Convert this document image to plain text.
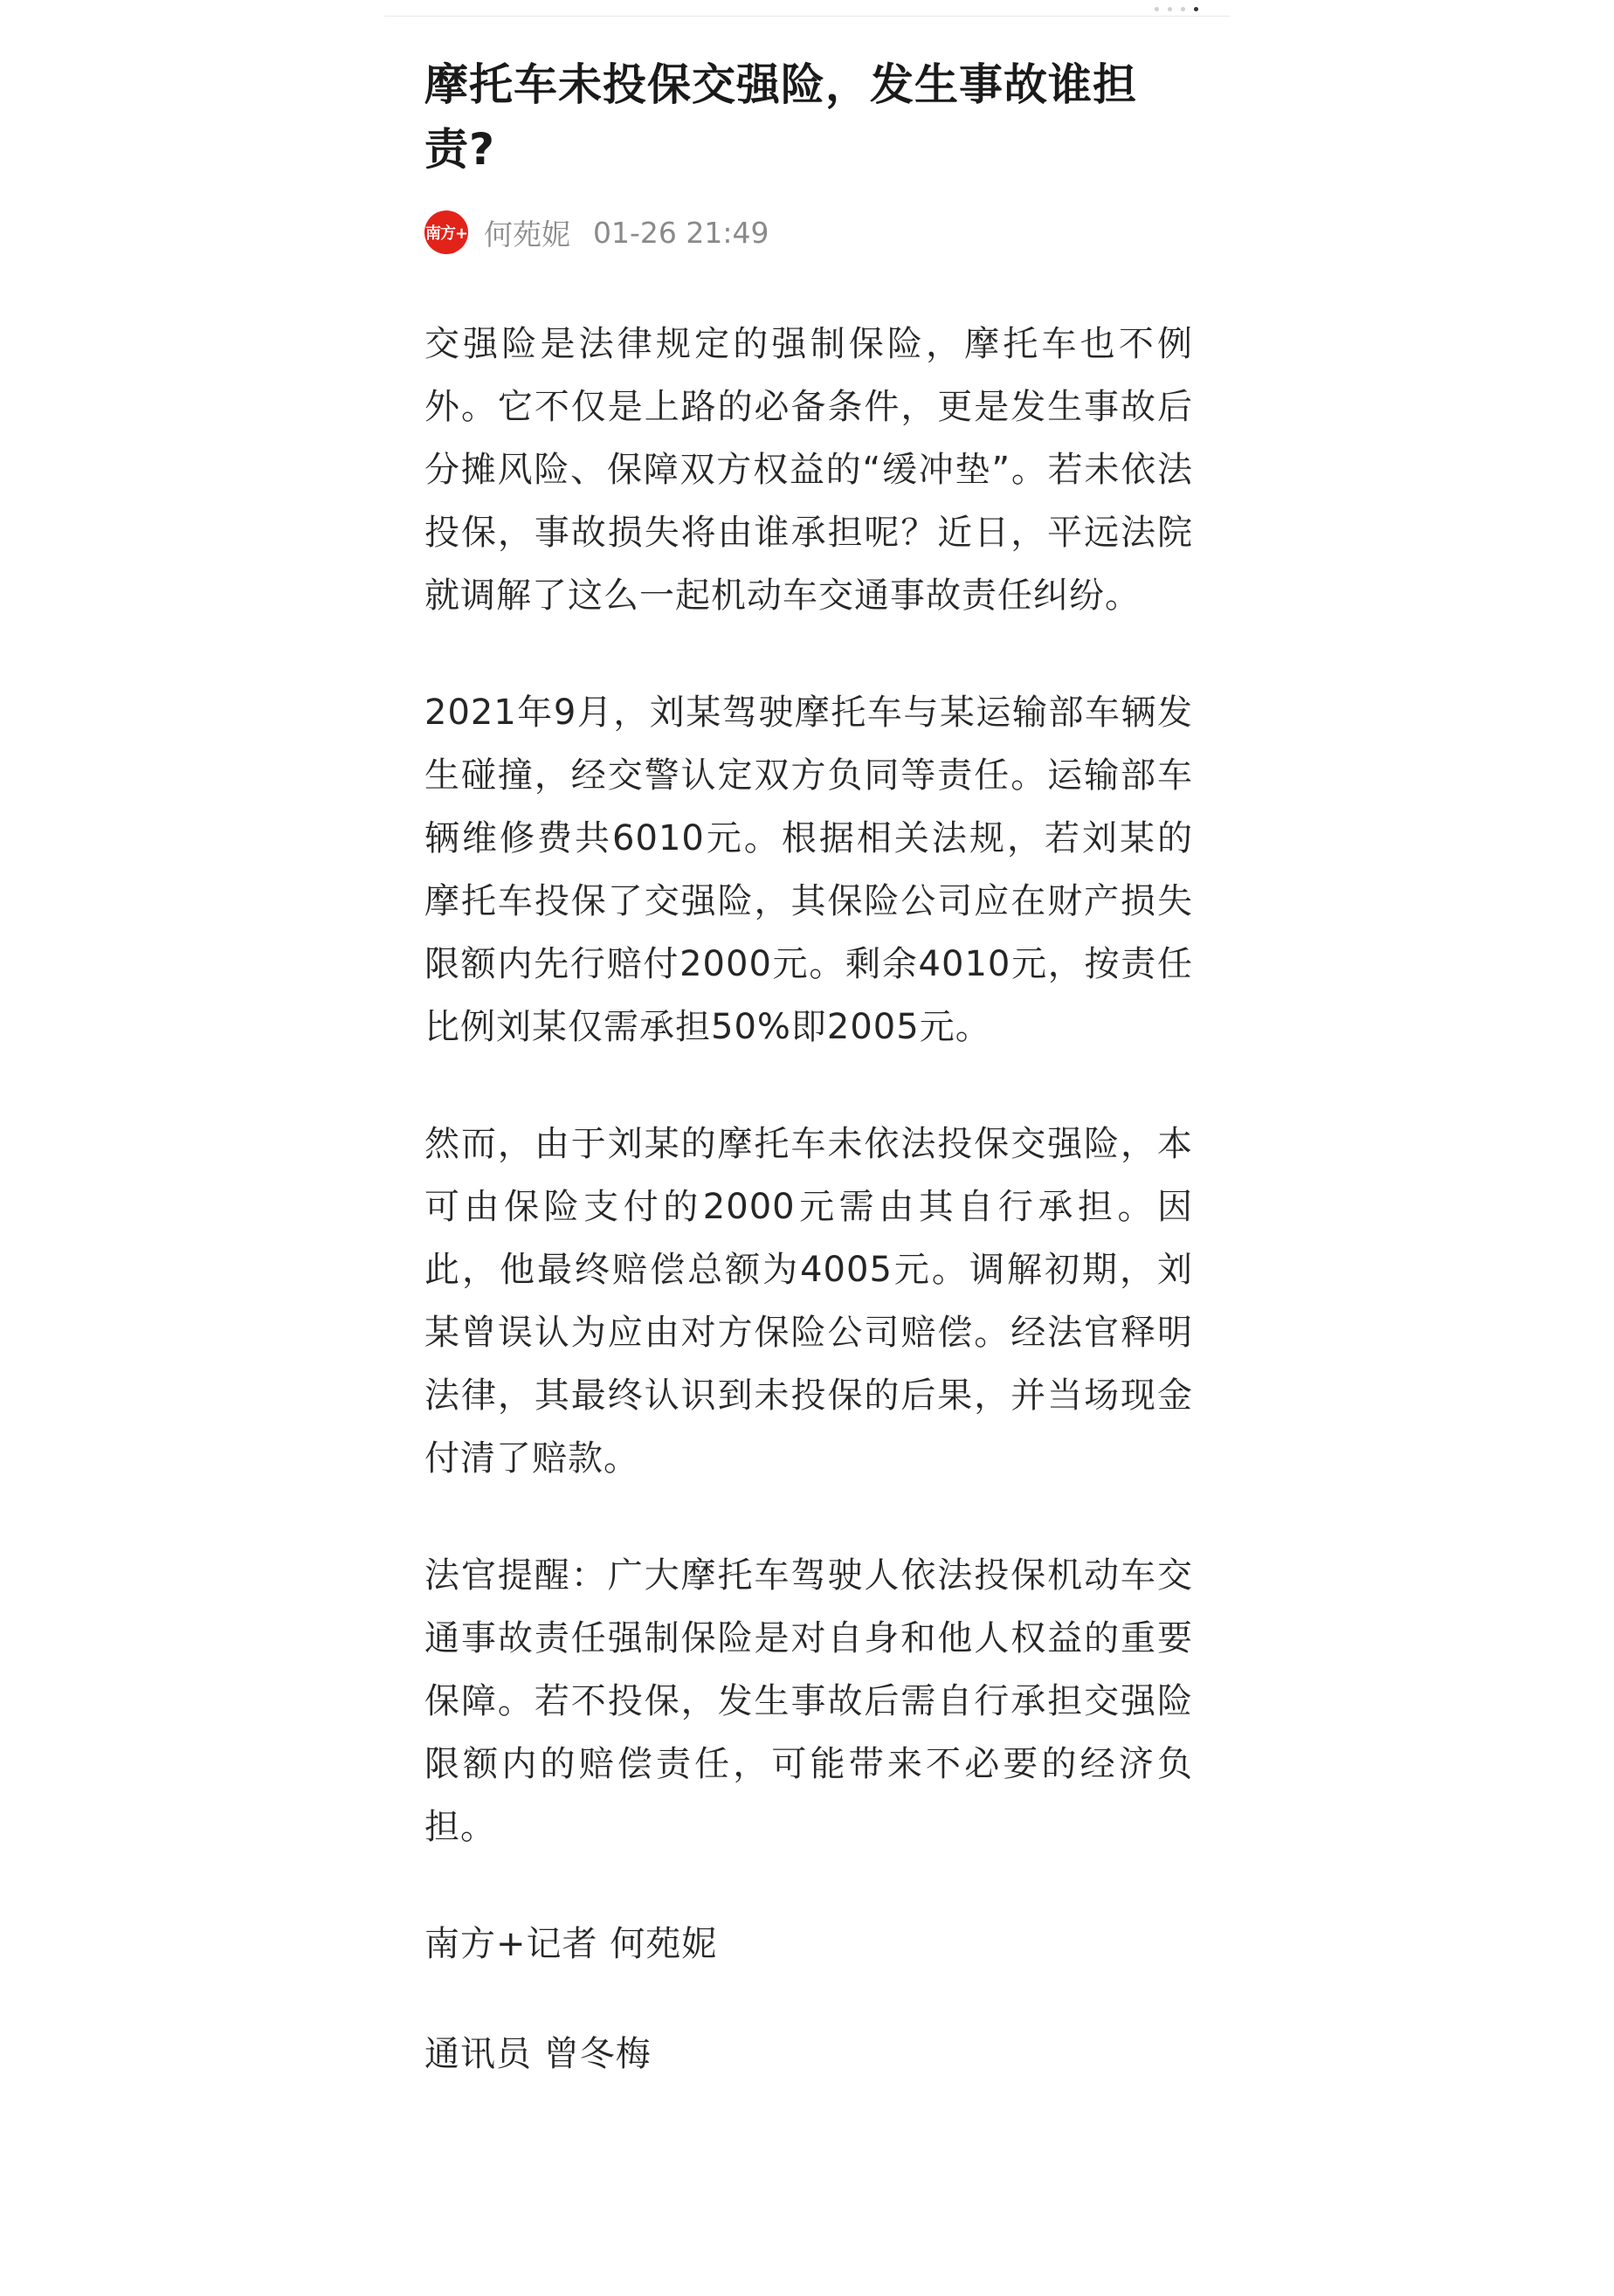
摩托车未投保交强险，发生事故谁担责?
南方+ 何苑妮 01-26 21:49

交强险是法律规定的强制保险，摩托车也不例外。它不仅是上路的必备条件，更是发生事故后分摊风险、保障双方权益的“缓冲垫”。若未依法投保，事故损失将由谁承担呢？近日，平远法院就调解了这么一起机动车交通事故责任纠纷。

2021年9月，刘某驾驶摩托车与某运输部车辆发生碰撞，经交警认定双方负同等责任。运输部车辆维修费共6010元。根据相关法规，若刘某的摩托车投保了交强险，其保险公司应在财产损失限额内先行赔付2000元。剩余4010元，按责任比例刘某仅需承担50%即2005元。

然而，由于刘某的摩托车未依法投保交强险，本可由保险支付的2000元需由其自行承担。因此，他最终赔偿总额为4005元。调解初期，刘某曾误认为应由对方保险公司赔偿。经法官释明法律，其最终认识到未投保的后果，并当场现金付清了赔款。

法官提醒：广大摩托车驾驶人依法投保机动车交通事故责任强制保险是对自身和他人权益的重要保障。若不投保，发生事故后需自行承担交强险限额内的赔偿责任，可能带来不必要的经济负担。

南方+记者 何苑妮

通讯员 曾冬梅
